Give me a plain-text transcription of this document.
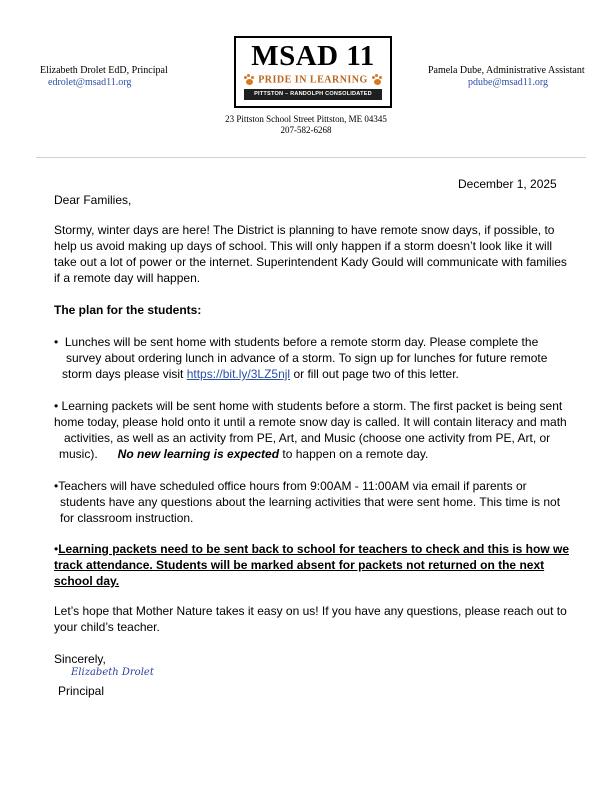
Elizabeth Drolet EdD, Principal
edrolet@msad11.org
MSAD 11
PRIDE IN LEARNING
PITTSTON – RANDOLPH CONSOLIDATED SCHOOL
Pamela Dube, Administrative Assistant
pdube@msad11.org
23 Pittston School Street Pittston, ME 04345
207-582-6268
December 1, 2025

Dear Families,

Stormy, winter days are here! The District is planning to have remote snow days, if possible, to help us avoid making up days of school. This will only happen if a storm doesn’t look like it will take out a lot of power or the internet. Superintendent Kady Gould will communicate with families if a remote day will happen.

The plan for the students:

• Lunches will be sent home with students before a remote storm day. Please complete the
survey about ordering lunch in advance of a storm. To sign up for lunches for future remote
storm days please visit https://bit.ly/3LZ5njl or fill out page two of this letter.
• Learning packets will be sent home with students before a storm. The first packet is being sent
home today, please hold onto it until a remote snow day is called. It will contain literacy and math
activities, as well as an activity from PE, Art, and Music (choose one activity from PE, Art, or
music). No new learning is expected to happen on a remote day.
•Teachers will have scheduled office hours from 9:00AM - 11:00AM via email if parents or
students have any questions about the learning activities that were sent home. This time is not
for classroom instruction.
•Learning packets need to be sent back to school for teachers to check and this is how we
track attendance. Students will be marked absent for packets not returned on the next
school day.

Let’s hope that Mother Nature takes it easy on us! If you have any questions, please reach out to your child’s teacher.

Sincerely,

Elizabeth Drolet

Principal
